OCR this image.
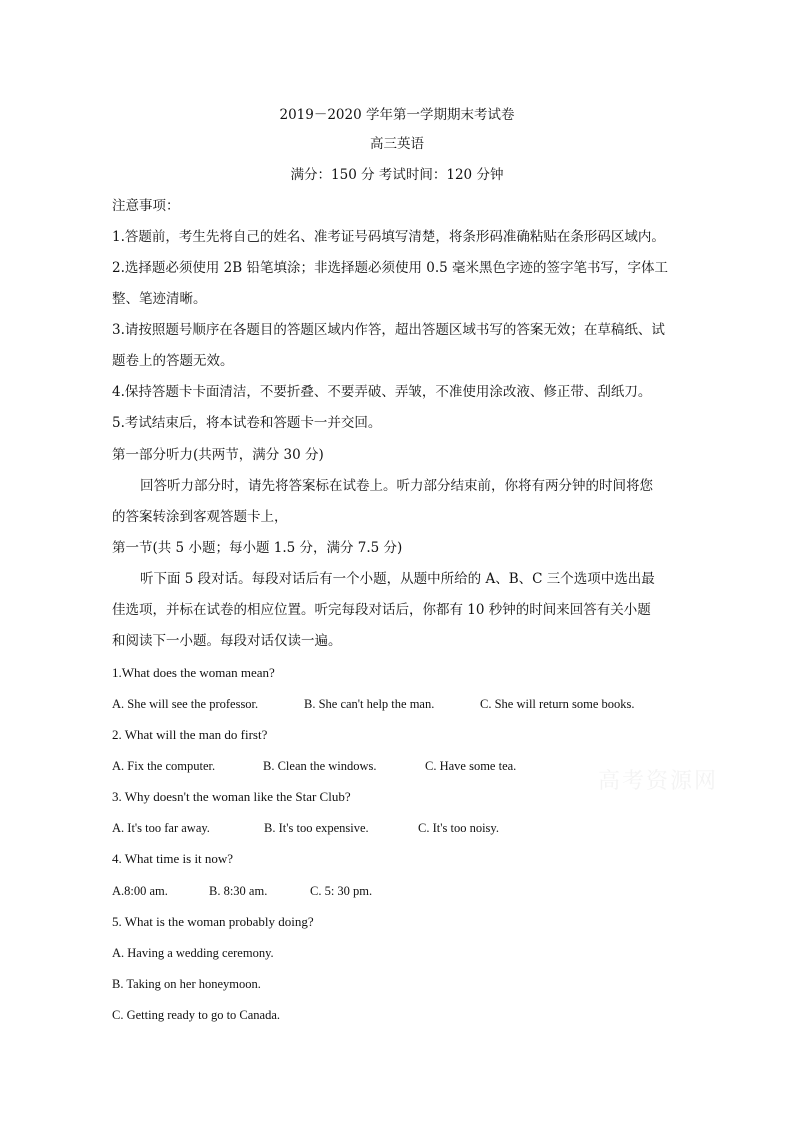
2019－2020 学年第一学期期末考试卷
高三英语
满分：150 分 考试时间：120 分钟
注意事项：
1.答题前，考生先将自己的姓名、准考证号码填写清楚，将条形码准确粘贴在条形码区域内。
2.选择题必须使用 2B 铅笔填涂；非选择题必须使用 0.5 毫米黑色字迹的签字笔书写，字体工
整、笔迹清晰。
3.请按照题号顺序在各题目的答题区域内作答，超出答题区域书写的答案无效；在草稿纸、试
题卷上的答题无效。
4.保持答题卡卡面清洁，不要折叠、不要弄破、弄皱，不准使用涂改液、修正带、刮纸刀。
5.考试结束后，将本试卷和答题卡一并交回。
第一部分听力(共两节，满分 30 分)
回答听力部分时，请先将答案标在试卷上。听力部分结束前，你将有两分钟的时间将您
的答案转涂到客观答题卡上，
第一节(共 5 小题；每小题 1.5 分，满分 7.5 分)
听下面 5 段对话。每段对话后有一个小题，从题中所给的 A、B、C 三个选项中选出最
佳选项，并标在试卷的相应位置。听完每段对话后，你都有 10 秒钟的时间来回答有关小题
和阅读下一小题。每段对话仅读一遍。
1.What does the woman mean?
A. She will see the professor.	B. She can't help the man.	C. She will return some books.
2. What will the man do first?
A. Fix the computer.	B. Clean the windows.	C. Have some tea.
3. Why doesn't the woman like the Star Club?
A. It's too far away.	B. It's too expensive.	C. It's too noisy.
4. What time is it now?
A.8:00 am.	B. 8:30 am.	C. 5: 30 pm.
5. What is the woman probably doing?
A. Having a wedding ceremony.
B. Taking on her honeymoon.
C. Getting ready to go to Canada.
高考资源网
